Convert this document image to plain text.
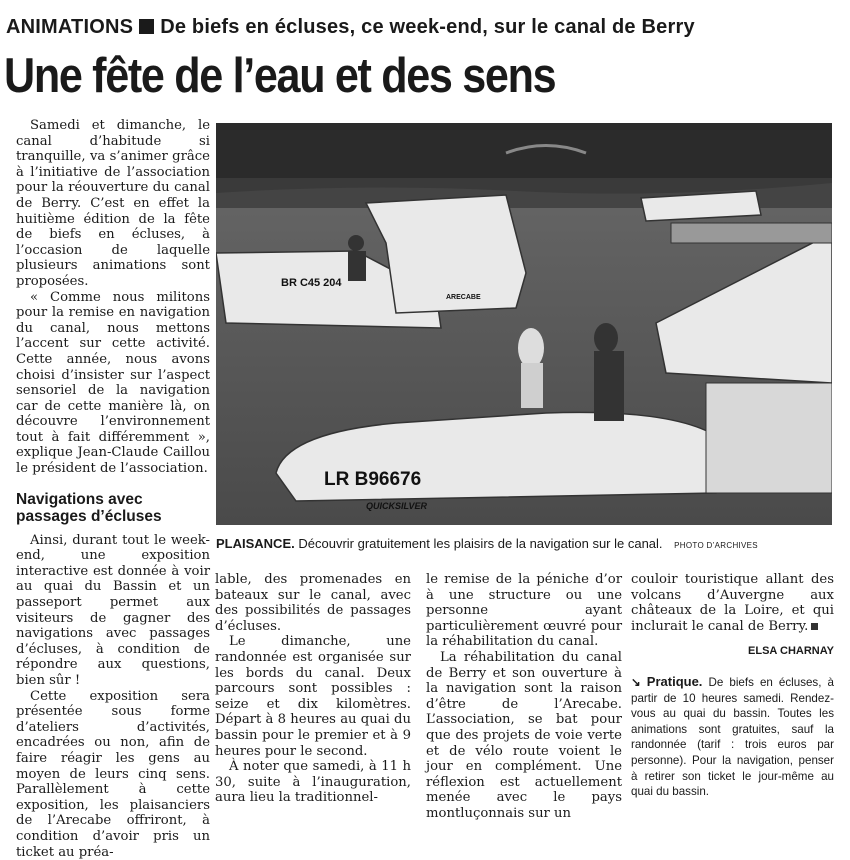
ANIMATIONS De biefs en écluses, ce week-end, sur le canal de Berry
Une fête de l’eau et des sens

Samedi et dimanche, le canal d’habitude si tranquille, va s’animer grâce à l’initiative de l’association pour la réouverture du canal de Berry. C’est en effet la huitième édition de la fête de biefs en écluses, à l’occasion de laquelle plusieurs animations sont proposées.

« Comme nous militons pour la remise en navigation du canal, nous mettons l’accent sur cette activité. Cette année, nous avons choisi d’insister sur l’aspect sensoriel de la navigation car de cette manière là, on découvre l’environnement tout à fait différemment », explique Jean-Claude Caillou le président de l’association.

Navigations avec passages d’écluses

Ainsi, durant tout le week-end, une exposition interactive est donnée à voir au quai du Bassin et un passeport permet aux visiteurs de gagner des navigations avec passages d’écluses, à condition de répondre aux questions, bien sûr !

Cette exposition sera présentée sous forme d’ateliers d’activités, encadrées ou non, afin de faire réagir les gens au moyen de leurs cinq sens. Parallèlement à cette exposition, les plaisanciers de l’Arecabe offriront, à condition d’avoir pris un ticket au préa-

BR C45 204
ARECABE
LR B96676
QUICKSILVER
PLAISANCE. Découvrir gratuitement les plaisirs de la navigation sur le canal. PHOTO D’ARCHIVES

lable, des promenades en bateaux sur le canal, avec des possibilités de passages d’écluses.

Le dimanche, une randonnée est organisée sur les bords du canal. Deux parcours sont possibles : seize et dix kilomètres. Départ à 8 heures au quai du bassin pour le premier et à 9 heures pour le second.

À noter que samedi, à 11 h 30, suite à l’inauguration, aura lieu la traditionnel-

le remise de la péniche d’or à une structure ou une personne ayant particulièrement œuvré pour la réhabilitation du canal.

La réhabilitation du canal de Berry et son ouverture à la navigation sont la raison d’être de l’Arecabe. L’association, se bat pour que des projets de voie verte et de vélo route voient le jour en complément. Une réflexion est actuellement menée avec le pays montluçonnais sur un

couloir touristique allant des volcans d’Auvergne aux châteaux de la Loire, et qui inclurait le canal de Berry.

ELSA CHARNAY
↘ Pratique. De biefs en écluses, à partir de 10 heures samedi. Rendez-vous au quai du bassin. Toutes les animations sont gratuites, sauf la randonnée (tarif : trois euros par personne). Pour la navigation, penser à retirer son ticket le jour-même au quai du bassin.
